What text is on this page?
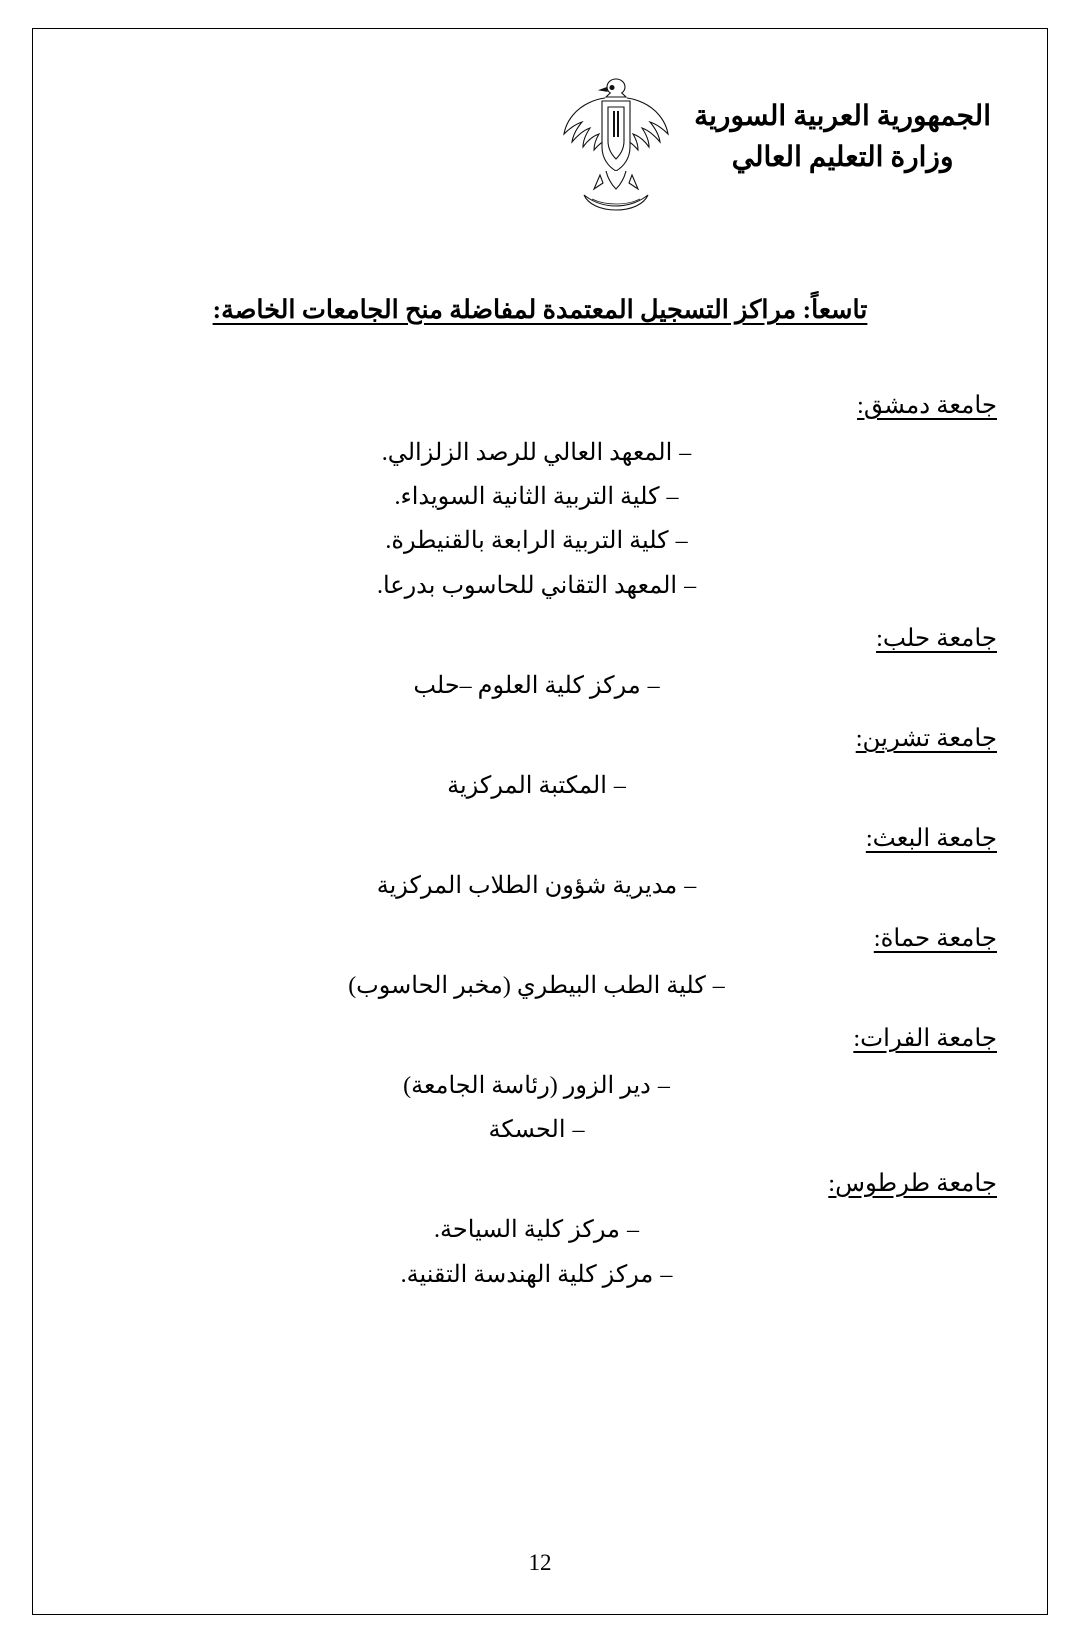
الجمهورية العربية السورية
وزارة التعليم العالي
تاسعاً: مراكز التسجيل المعتمدة لمفاضلة منح الجامعات الخاصة:
جامعة دمشق:
–المعهد العالي للرصد الزلزالي.
–كلية التربية الثانية السويداء.
–كلية التربية الرابعة بالقنيطرة.
–المعهد التقاني للحاسوب بدرعا.
جامعة حلب:
–مركز كلية العلوم –حلب
جامعة تشرين:
–المكتبة المركزية
جامعة البعث:
–مديرية شؤون الطلاب المركزية
جامعة حماة:
–كلية الطب البيطري (مخبر الحاسوب)
جامعة الفرات:
–دير الزور (رئاسة الجامعة)
–الحسكة
جامعة طرطوس:
–مركز كلية السياحة.
–مركز كلية الهندسة التقنية.
12
